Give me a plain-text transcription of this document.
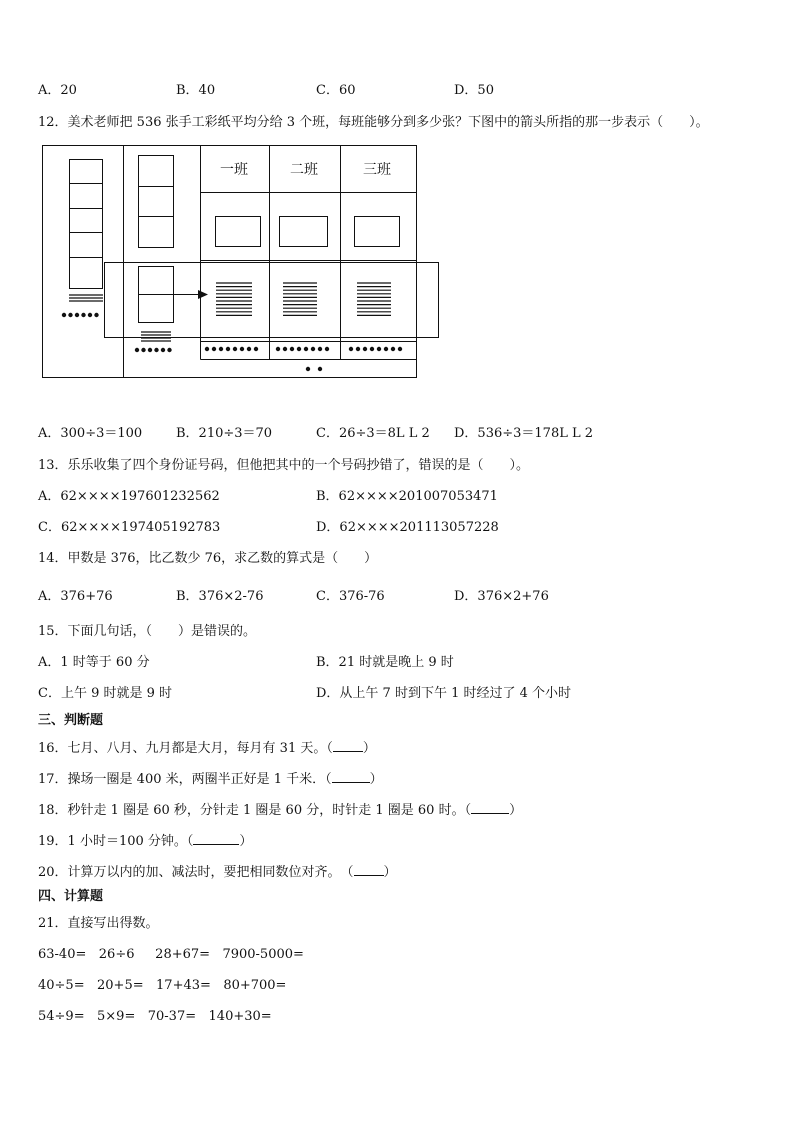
A．20	B．40	C．60	D．50
12．美术老师把 536 张手工彩纸平均分给 3 个班，每班能够分到多少张？下图中的箭头所指的那一步表示（　　）。
一班	二班	三班
A．300÷3＝100	B．210÷3＝70	C．26÷3＝8L L 2 D．536÷3＝178L L 2
13．乐乐收集了四个身份证号码，但他把其中的一个号码抄错了，错误的是（　　）。
A．62××××197601232562	B．62××××201007053471
C．62××××197405192783	D．62××××201113057228
14．甲数是 376，比乙数少 76，求乙数的算式是（　　）
A．376+76	B．376×2-76	C．376-76	D．376×2+76
15．下面几句话，（　　）是错误的。
A．1 时等于 60 分	B．21 时就是晚上 9 时
C．上午 9 时就是 9 时	D．从上午 7 时到下午 1 时经过了 4 个小时
三、判断题
16．七月、八月、九月都是大月，每月有 31 天。（ ）
17．操场一圈是 400 米，两圈半正好是 1 千米．（	）
18．秒针走 1 圈是 60 秒，分针走 1 圈是 60 分，时针走 1 圈是 60 时。（	）
19．1 小时＝100 分钟。（	）
20．计算万以内的加、减法时，要把相同数位对齐。　（ ）
四、计算题
21．直接写出得数。
63-40= 26÷6 28+67= 7900-5000=
40÷5= 20+5= 17+43= 80+700=
54÷9= 5×9= 70-37= 140+30=
